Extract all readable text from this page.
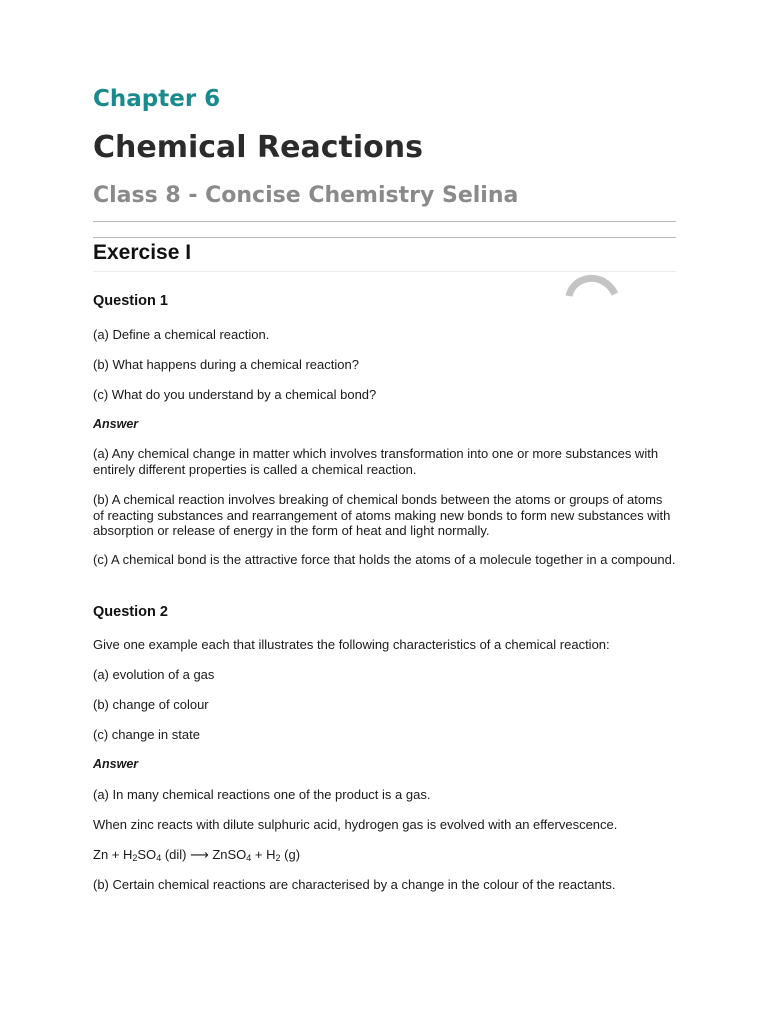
Chapter 6
Chemical Reactions
Class 8 - Concise Chemistry Selina
Exercise I
Question 1
(a) Define a chemical reaction.
(b) What happens during a chemical reaction?
(c) What do you understand by a chemical bond?
Answer
(a) Any chemical change in matter which involves transformation into one or more substances with entirely different properties is called a chemical reaction.
(b) A chemical reaction involves breaking of chemical bonds between the atoms or groups of atoms of reacting substances and rearrangement of atoms making new bonds to form new substances with absorption or release of energy in the form of heat and light normally.
(c) A chemical bond is the attractive force that holds the atoms of a molecule together in a compound.
Question 2
Give one example each that illustrates the following characteristics of a chemical reaction:
(a) evolution of a gas
(b) change of colour
(c) change in state
Answer
(a) In many chemical reactions one of the product is a gas.
When zinc reacts with dilute sulphuric acid, hydrogen gas is evolved with an effervescence.
$Zn + H_2SO_4$ (dil) ⟶ ZnSO$_4$ + $H_2$ (g)
(b) Certain chemical reactions are characterised by a change in the colour of the reactants.
